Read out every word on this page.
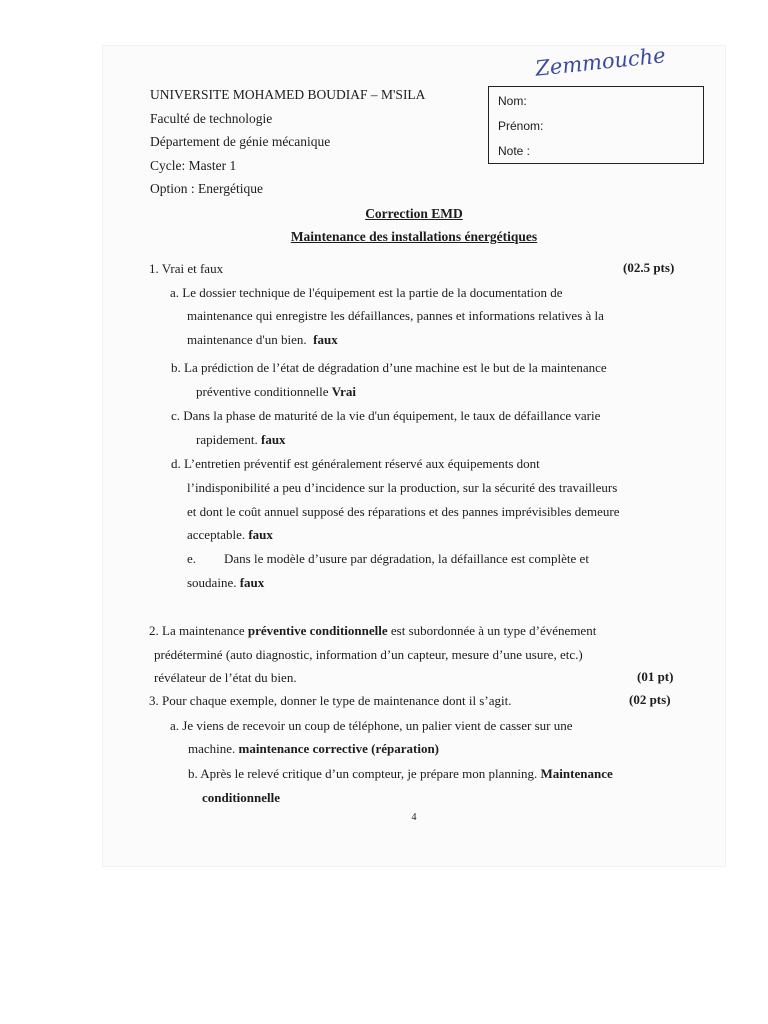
Zemmouche
UNIVERSITE MOHAMED BOUDIAF – M'SILA
Faculté de technologie
Département de génie mécanique
Cycle: Master 1
Option : Energétique
Nom:
Prénom:
Note :
Correction EMD
Maintenance des installations énergétiques
1. Vrai et faux	(02.5 pts)
a. Le dossier technique de l'équipement est la partie de la documentation de
maintenance qui enregistre les défaillances, pannes et informations relatives à la
maintenance d'un bien. faux
b. La prédiction de l’état de dégradation d’une machine est le but de la maintenance
préventive conditionnelle Vrai
c. Dans la phase de maturité de la vie d'un équipement, le taux de défaillance varie
rapidement. faux
d. L’entretien préventif est généralement réservé aux équipements dont
l’indisponibilité a peu d’incidence sur la production, sur la sécurité des travailleurs
et dont le coût annuel supposé des réparations et des pannes imprévisibles demeure
acceptable. faux
e. Dans le modèle d’usure par dégradation, la défaillance est complète et
soudaine. faux
2. La maintenance préventive conditionnelle est subordonnée à un type d’événement
prédéterminé (auto diagnostic, information d’un capteur, mesure d’une usure, etc.)
révélateur de l’état du bien.	(01 pt)
3. Pour chaque exemple, donner le type de maintenance dont il s’agit.	(02 pts)
a. Je viens de recevoir un coup de téléphone, un palier vient de casser sur une
machine. maintenance corrective (réparation)
b. Après le relevé critique d’un compteur, je prépare mon planning. Maintenance
conditionnelle
4
